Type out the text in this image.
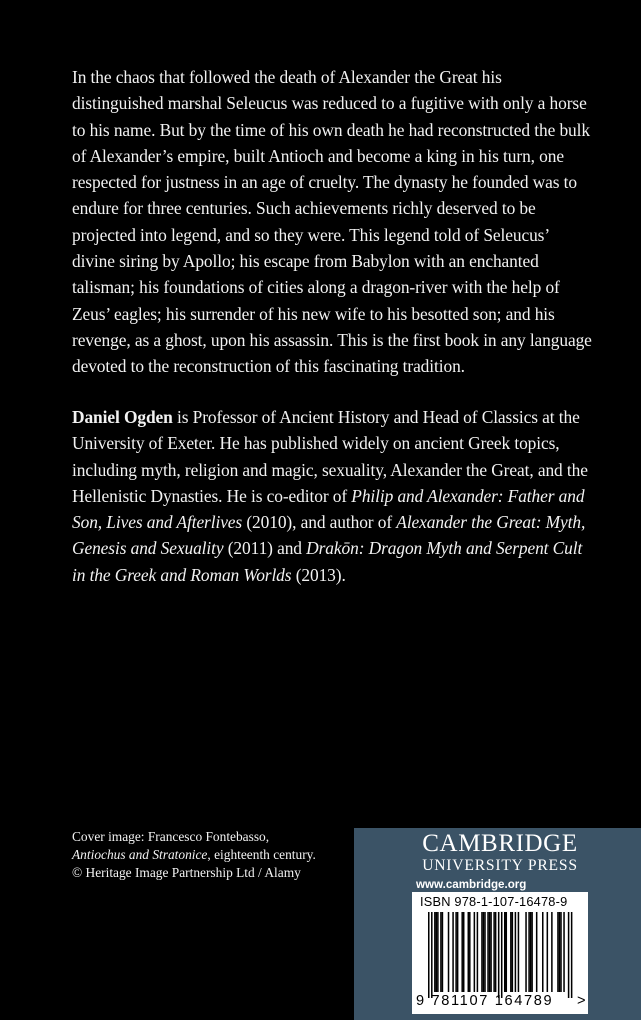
In the chaos that followed the death of Alexander the Great his distinguished marshal Seleucus was reduced to a fugitive with only a horse to his name. But by the time of his own death he had reconstructed the bulk of Alexander’s empire, built Antioch and become a king in his turn, one respected for justness in an age of cruelty. The dynasty he founded was to endure for three centuries. Such achievements richly deserved to be projected into legend, and so they were. This legend told of Seleucus’ divine siring by Apollo; his escape from Babylon with an enchanted talisman; his foundations of cities along a dragon-river with the help of Zeus’ eagles; his surrender of his new wife to his besotted son; and his revenge, as a ghost, upon his assassin. This is the first book in any language devoted to the reconstruction of this fascinating tradition.

Daniel Ogden is Professor of Ancient History and Head of Classics at the University of Exeter. He has published widely on ancient Greek topics, including myth, religion and magic, sexuality, Alexander the Great, and the Hellenistic Dynasties. He is co-editor of Philip and Alexander: Father and Son, Lives and Afterlives (2010), and author of Alexander the Great: Myth, Genesis and Sexuality (2011) and Drakōn: Dragon Myth and Serpent Cult in the Greek and Roman Worlds (2013).

Cover image: Francesco Fontebasso,
Antiochus and Stratonice, eighteenth century.
© Heritage Image Partnership Ltd / Alamy

CAMBRIDGE
UNIVERSITY PRESS
www.cambridge.org
ISBN 978-1-107-16478-9
9 781107 164789	>
